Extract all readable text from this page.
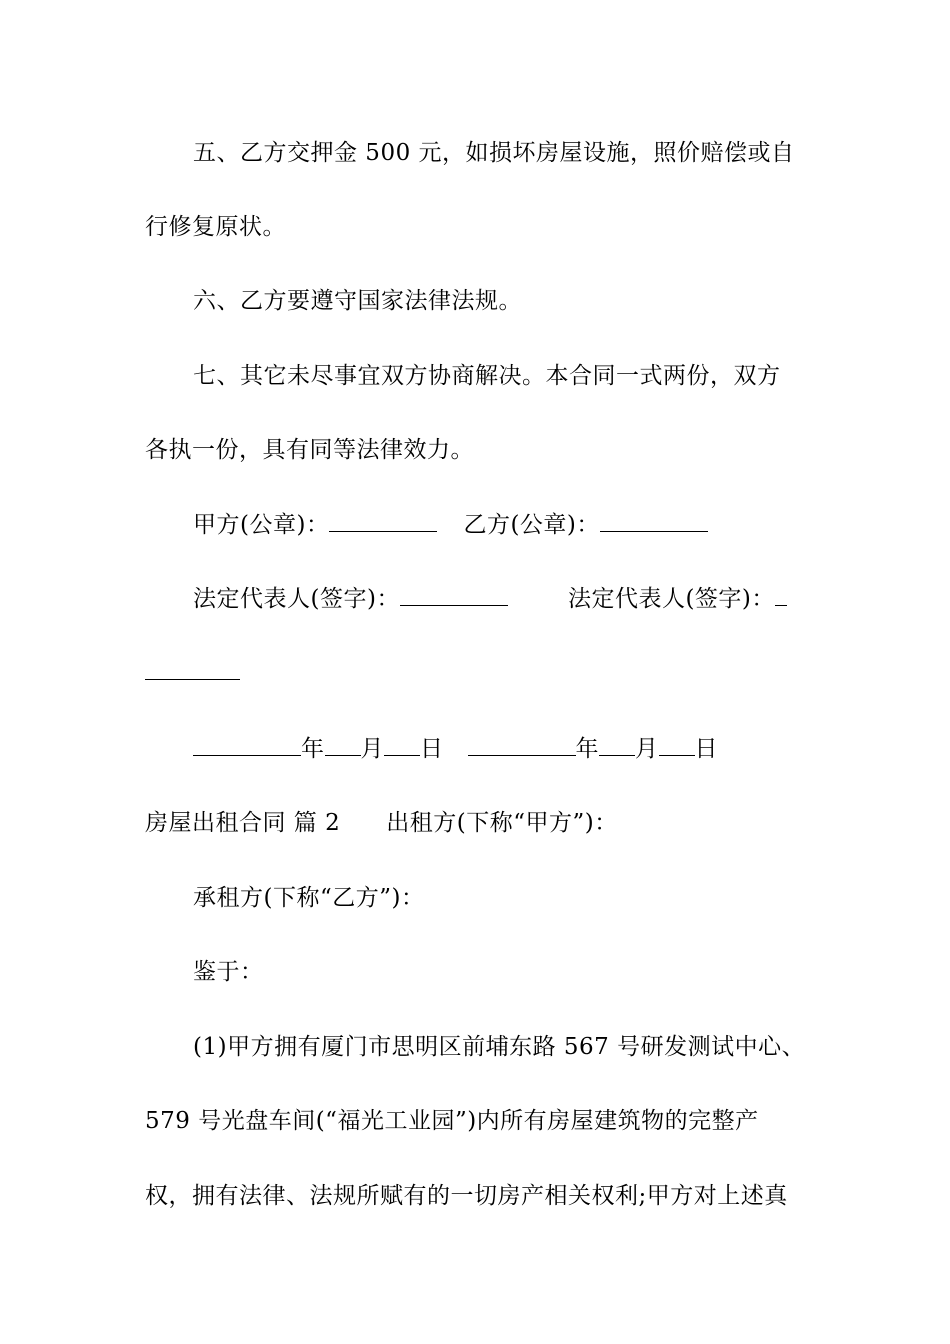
五、乙方交押金 500 元，如损坏房屋设施，照价赔偿或自
行修复原状。
六、乙方要遵守国家法律法规。
七、其它未尽事宜双方协商解决。本合同一式两份，双方
各执一份，具有同等法律效力。
甲方(公章)：	乙方(公章)：
法定代表人(签字)：	法定代表人(签字)：
年 月 日	年 月 日
房屋出租合同 篇 2 出租方(下称“甲方”)：
承租方(下称“乙方”)：
鉴于：
(1)甲方拥有厦门市思明区前埔东路 567 号研发测试中心、
579 号光盘车间(“福光工业园”)内所有房屋建筑物的完整产
权，拥有法律、法规所赋有的一切房产相关权利;甲方对上述真
